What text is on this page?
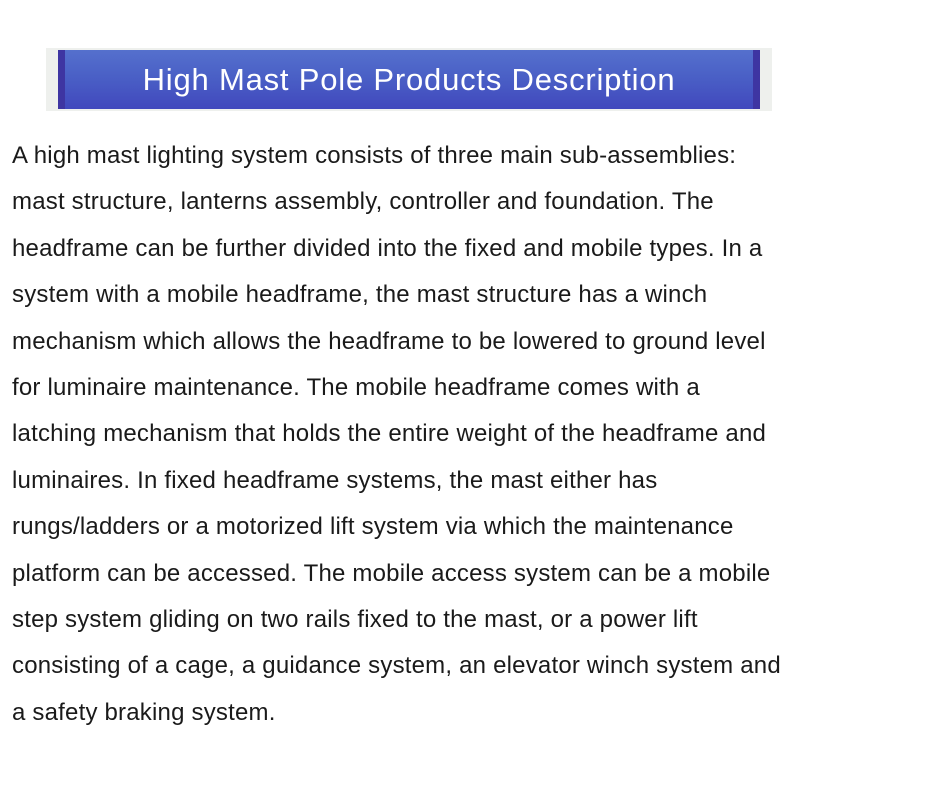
High Mast Pole Products Description
A high mast lighting system consists of three main sub-assemblies:
mast structure, lanterns assembly, controller and foundation. The
headframe can be further divided into the fixed and mobile types. In a
system with a mobile headframe, the mast structure has a winch
mechanism which allows the headframe to be lowered to ground level
for luminaire maintenance. The mobile headframe comes with a
latching mechanism that holds the entire weight of the headframe and
luminaires. In fixed headframe systems, the mast either has
rungs/ladders or a motorized lift system via which the maintenance
platform can be accessed. The mobile access system can be a mobile
step system gliding on two rails fixed to the mast, or a power lift
consisting of a cage, a guidance system, an elevator winch system and
a safety braking system.
